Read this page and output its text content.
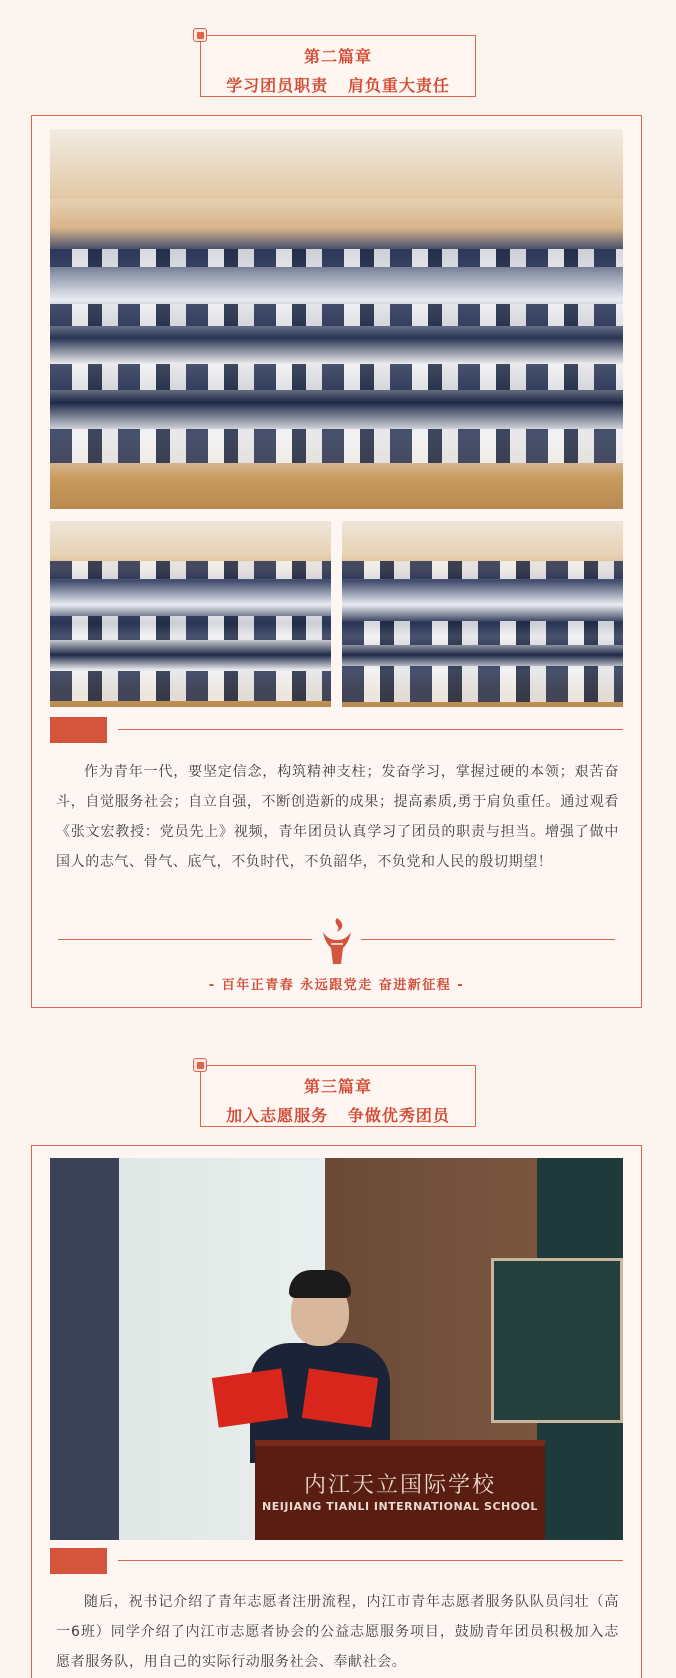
第二篇章
学习团员职责   肩负重大责任

作为青年一代，要坚定信念，构筑精神支柱；发奋学习，掌握过硬的本领；艰苦奋斗，自觉服务社会；自立自强，不断创造新的成果；提高素质,勇于肩负重任。通过观看《张文宏教授：党员先上》视频，青年团员认真学习了团员的职责与担当。增强了做中国人的志气、骨气、底气，不负时代，不负韶华，不负党和人民的殷切期望！

- 百年正青春 永远跟党走 奋进新征程 -
第三篇章
加入志愿服务   争做优秀团员
内江天立国际学校
NEIJIANG TIANLI INTERNATIONAL SCHOOL

随后，祝书记介绍了青年志愿者注册流程，内江市青年志愿者服务队队员闫壮（高一6班）同学介绍了内江市志愿者协会的公益志愿服务项目，鼓励青年团员积极加入志愿者服务队，用自己的实际行动服务社会、奉献社会。
